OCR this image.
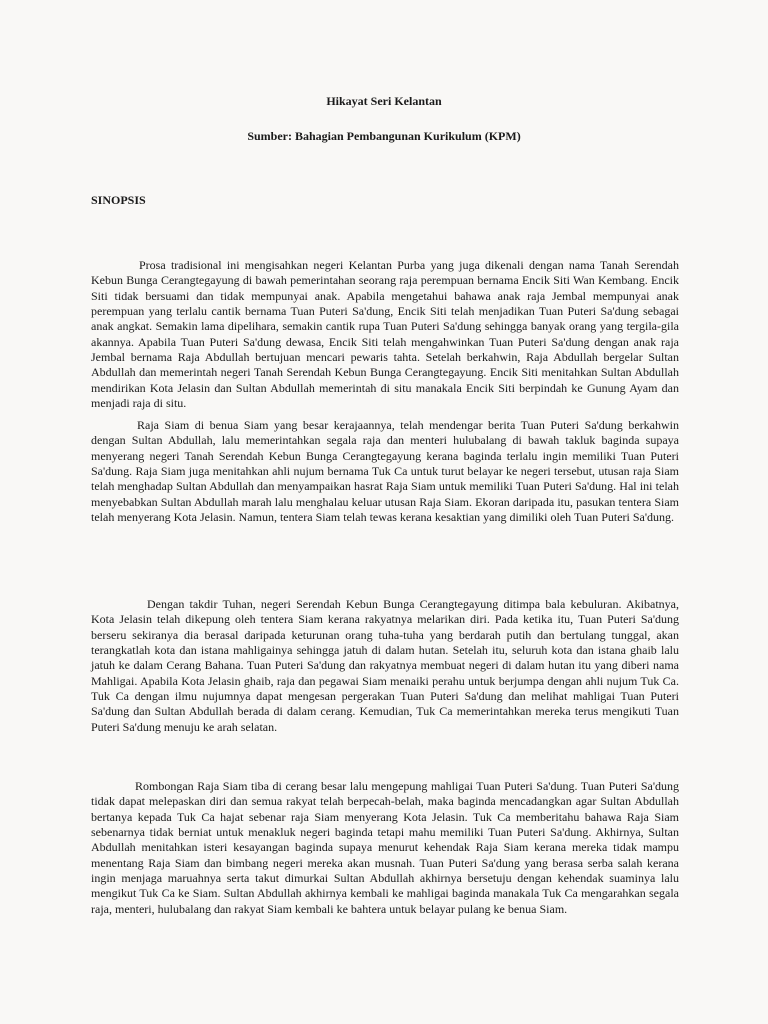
Hikayat Seri Kelantan
Sumber: Bahagian Pembangunan Kurikulum (KPM)
SINOPSIS

Prosa tradisional ini mengisahkan negeri Kelantan Purba yang juga dikenali dengan nama Tanah Serendah Kebun Bunga Cerangtegayung di bawah pemerintahan seorang raja perempuan bernama Encik Siti Wan Kembang. Encik Siti tidak bersuami dan tidak mempunyai anak. Apabila mengetahui bahawa anak raja Jembal mempunyai anak perempuan yang terlalu cantik bernama Tuan Puteri Sa'dung, Encik Siti telah menjadikan Tuan Puteri Sa'dung sebagai anak angkat. Semakin lama dipelihara, semakin cantik rupa Tuan Puteri Sa'dung sehingga banyak orang yang tergila-gila akannya. Apabila Tuan Puteri Sa'dung dewasa, Encik Siti telah mengahwinkan Tuan Puteri Sa'dung dengan anak raja Jembal bernama Raja Abdullah bertujuan mencari pewaris tahta. Setelah berkahwin, Raja Abdullah bergelar Sultan Abdullah dan memerintah negeri Tanah Serendah Kebun Bunga Cerangtegayung. Encik Siti menitahkan Sultan Abdullah mendirikan Kota Jelasin dan Sultan Abdullah memerintah di situ manakala Encik Siti berpindah ke Gunung Ayam dan menjadi raja di situ.

Raja Siam di benua Siam yang besar kerajaannya, telah mendengar berita Tuan Puteri Sa'dung berkahwin dengan Sultan Abdullah, lalu memerintahkan segala raja dan menteri hulubalang di bawah takluk baginda supaya menyerang negeri Tanah Serendah Kebun Bunga Cerangtegayung kerana baginda terlalu ingin memiliki Tuan Puteri Sa'dung. Raja Siam juga menitahkan ahli nujum bernama Tuk Ca untuk turut belayar ke negeri tersebut, utusan raja Siam telah menghadap Sultan Abdullah dan menyampaikan hasrat Raja Siam untuk memiliki Tuan Puteri Sa'dung. Hal ini telah menyebabkan Sultan Abdullah marah lalu menghalau keluar utusan Raja Siam. Ekoran daripada itu, pasukan tentera Siam telah menyerang Kota Jelasin. Namun, tentera Siam telah tewas kerana kesaktian yang dimiliki oleh Tuan Puteri Sa'dung.

Dengan takdir Tuhan, negeri Serendah Kebun Bunga Cerangtegayung ditimpa bala kebuluran. Akibatnya, Kota Jelasin telah dikepung oleh tentera Siam kerana rakyatnya melarikan diri. Pada ketika itu, Tuan Puteri Sa'dung berseru sekiranya dia berasal daripada keturunan orang tuha-tuha yang berdarah putih dan bertulang tunggal, akan terangkatlah kota dan istana mahligainya sehingga jatuh di dalam hutan. Setelah itu, seluruh kota dan istana ghaib lalu jatuh ke dalam Cerang Bahana. Tuan Puteri Sa'dung dan rakyatnya membuat negeri di dalam hutan itu yang diberi nama Mahligai. Apabila Kota Jelasin ghaib, raja dan pegawai Siam menaiki perahu untuk berjumpa dengan ahli nujum Tuk Ca. Tuk Ca dengan ilmu nujumnya dapat mengesan pergerakan Tuan Puteri Sa'dung dan melihat mahligai Tuan Puteri Sa'dung dan Sultan Abdullah berada di dalam cerang. Kemudian, Tuk Ca memerintahkan mereka terus mengikuti Tuan Puteri Sa'dung menuju ke arah selatan.

Rombongan Raja Siam tiba di cerang besar lalu mengepung mahligai Tuan Puteri Sa'dung. Tuan Puteri Sa'dung tidak dapat melepaskan diri dan semua rakyat telah berpecah-belah, maka baginda mencadangkan agar Sultan Abdullah bertanya kepada Tuk Ca hajat sebenar raja Siam menyerang Kota Jelasin. Tuk Ca memberitahu bahawa Raja Siam sebenarnya tidak berniat untuk menakluk negeri baginda tetapi mahu memiliki Tuan Puteri Sa'dung. Akhirnya, Sultan Abdullah menitahkan isteri kesayangan baginda supaya menurut kehendak Raja Siam kerana mereka tidak mampu menentang Raja Siam dan bimbang negeri mereka akan musnah. Tuan Puteri Sa'dung yang berasa serba salah kerana ingin menjaga maruahnya serta takut dimurkai Sultan Abdullah akhirnya bersetuju dengan kehendak suaminya lalu mengikut Tuk Ca ke Siam. Sultan Abdullah akhirnya kembali ke mahligai baginda manakala Tuk Ca mengarahkan segala raja, menteri, hulubalang dan rakyat Siam kembali ke bahtera untuk belayar pulang ke benua Siam.
